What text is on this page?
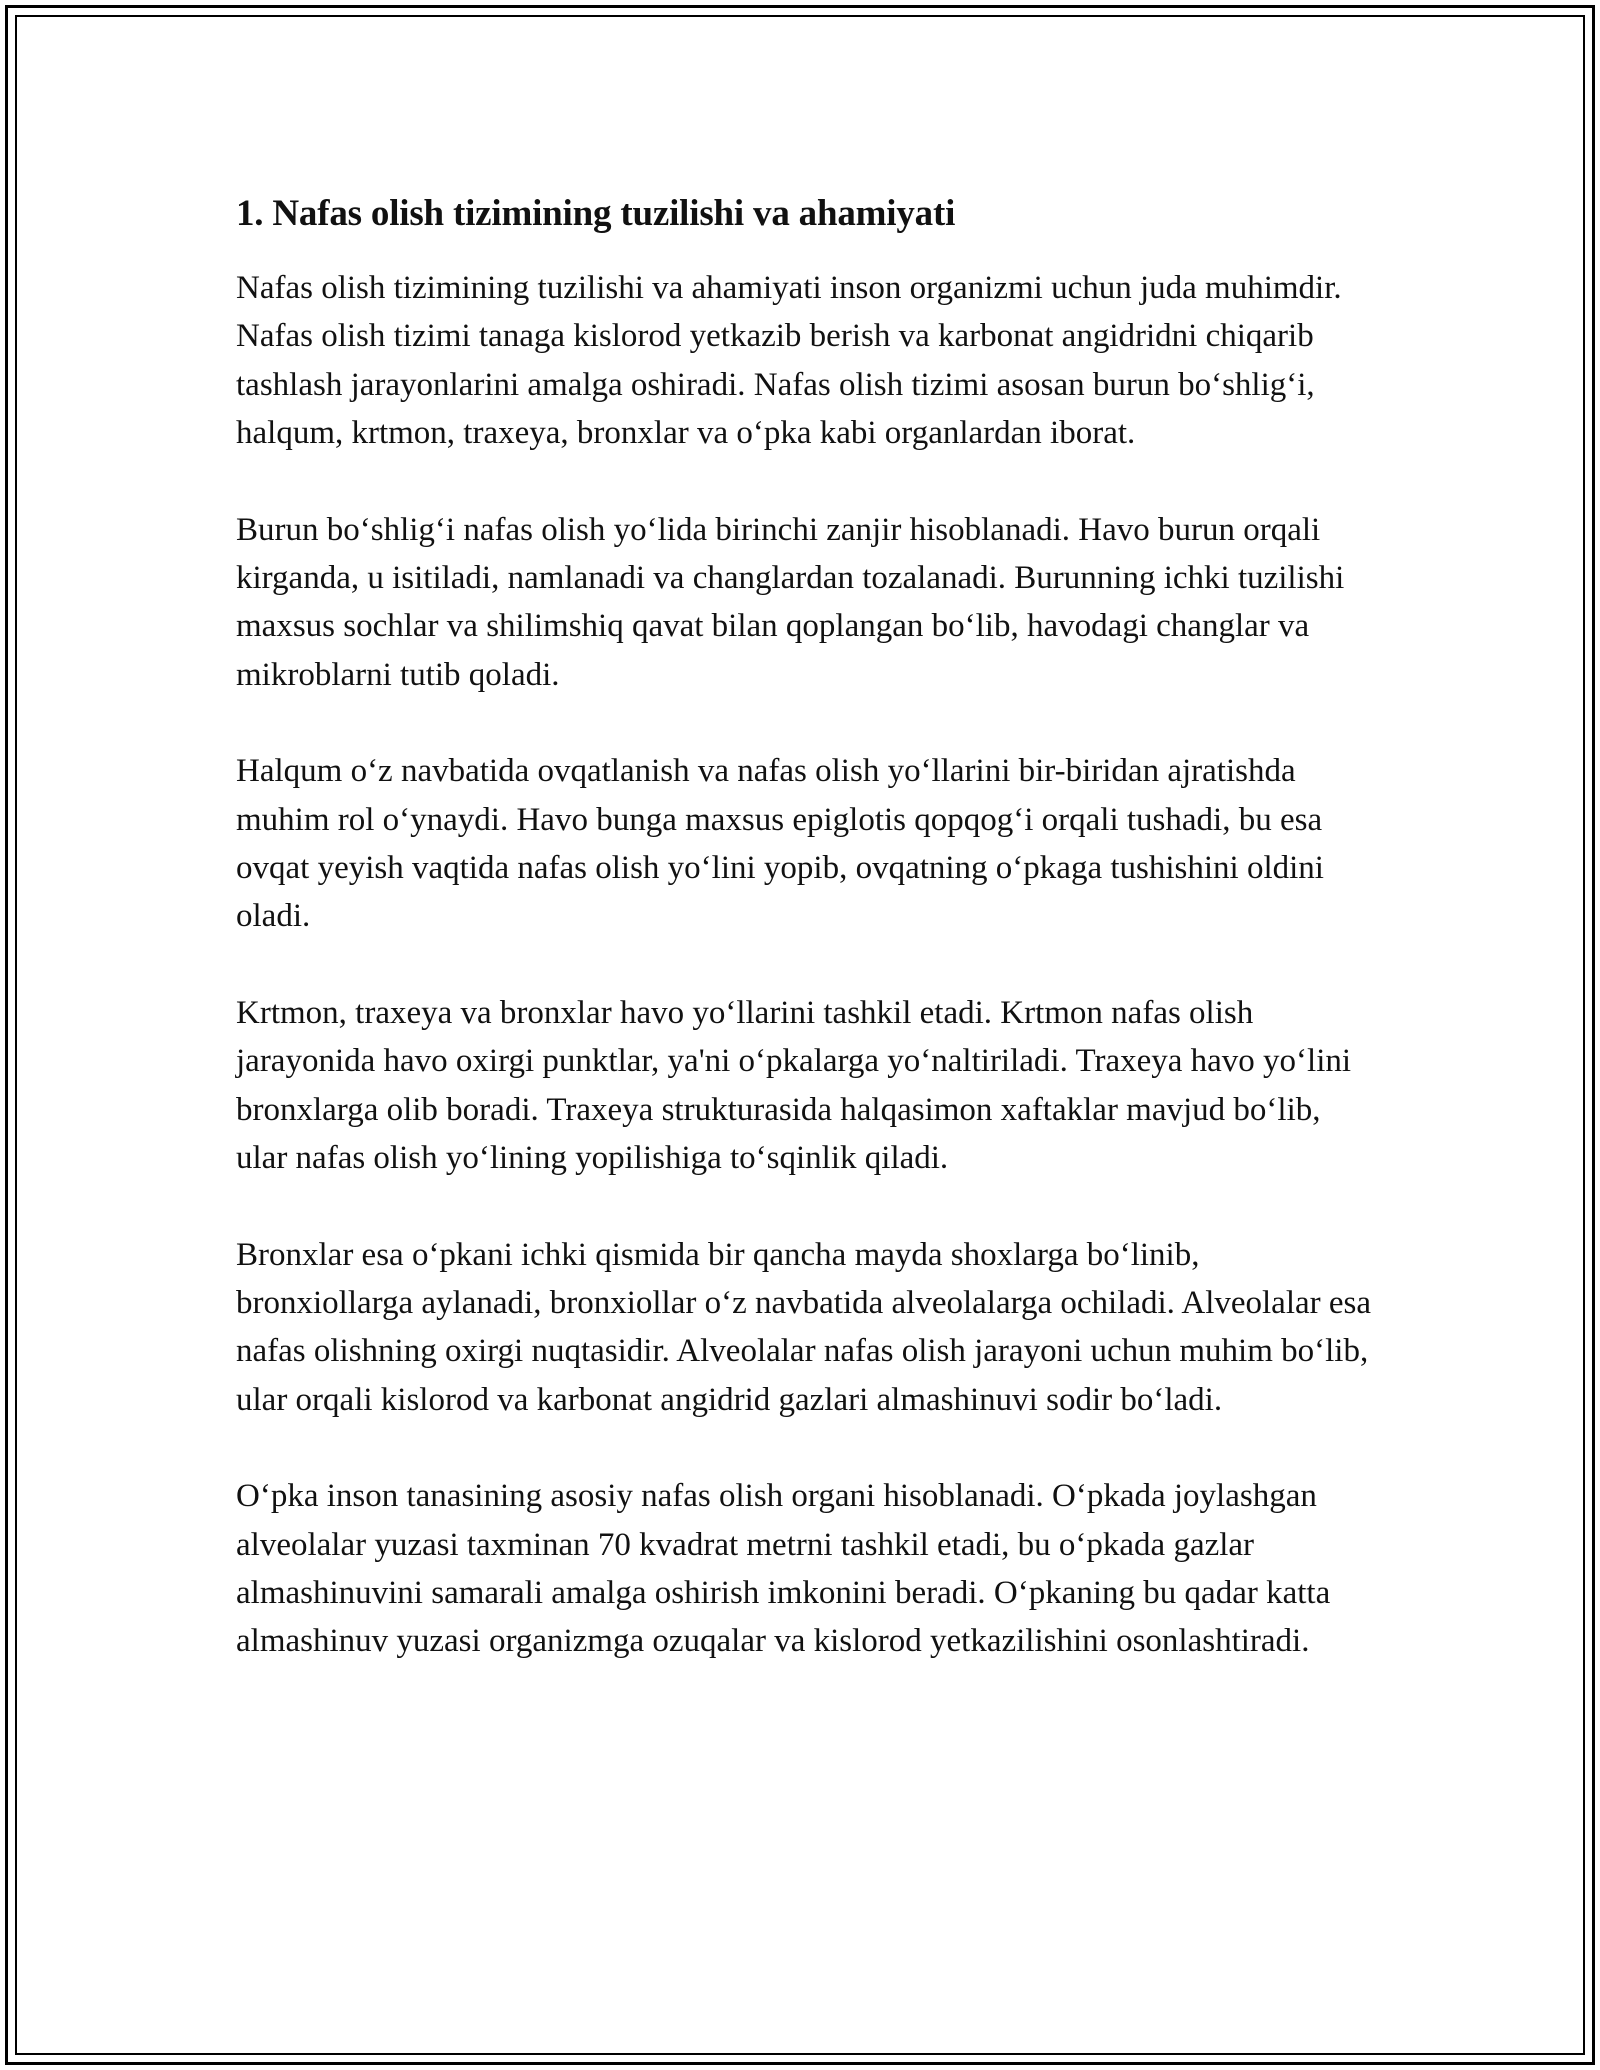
1. Nafas olish tizimining tuzilishi va ahamiyati

Nafas olish tizimining tuzilishi va ahamiyati inson organizmi uchun juda muhimdir. Nafas olish tizimi tanaga kislorod yetkazib berish va karbonat angidridni chiqarib tashlash jarayonlarini amalga oshiradi. Nafas olish tizimi asosan burun bo‘shlig‘i, halqum, krtmon, traxeya, bronxlar va o‘pka kabi organlardan iborat.

Burun bo‘shlig‘i nafas olish yo‘lida birinchi zanjir hisoblanadi. Havo burun orqali kirganda, u isitiladi, namlanadi va changlardan tozalanadi. Burunning ichki tuzilishi maxsus sochlar va shilimshiq qavat bilan qoplangan bo‘lib, havodagi changlar va mikroblarni tutib qoladi.

Halqum o‘z navbatida ovqatlanish va nafas olish yo‘llarini bir-biridan ajratishda muhim rol o‘ynaydi. Havo bunga maxsus epiglotis qopqog‘i orqali tushadi, bu esa ovqat yeyish vaqtida nafas olish yo‘lini yopib, ovqatning o‘pkaga tushishini oldini oladi.

Krtmon, traxeya va bronxlar havo yo‘llarini tashkil etadi. Krtmon nafas olish jarayonida havo oxirgi punktlar, ya'ni o‘pkalarga yo‘naltiriladi. Traxeya havo yo‘lini bronxlarga olib boradi. Traxeya strukturasida halqasimon xaftaklar mavjud bo‘lib, ular nafas olish yo‘lining yopilishiga to‘sqinlik qiladi.

Bronxlar esa o‘pkani ichki qismida bir qancha mayda shoxlarga bo‘linib, bronxiollarga aylanadi, bronxiollar o‘z navbatida alveolalarga ochiladi. Alveolalar esa nafas olishning oxirgi nuqtasidir. Alveolalar nafas olish jarayoni uchun muhim bo‘lib, ular orqali kislorod va karbonat angidrid gazlari almashinuvi sodir bo‘ladi.

O‘pka inson tanasining asosiy nafas olish organi hisoblanadi. O‘pkada joylashgan alveolalar yuzasi taxminan 70 kvadrat metrni tashkil etadi, bu o‘pkada gazlar almashinuvini samarali amalga oshirish imkonini beradi. O‘pkaning bu qadar katta almashinuv yuzasi organizmga ozuqalar va kislorod yetkazilishini osonlashtiradi.
